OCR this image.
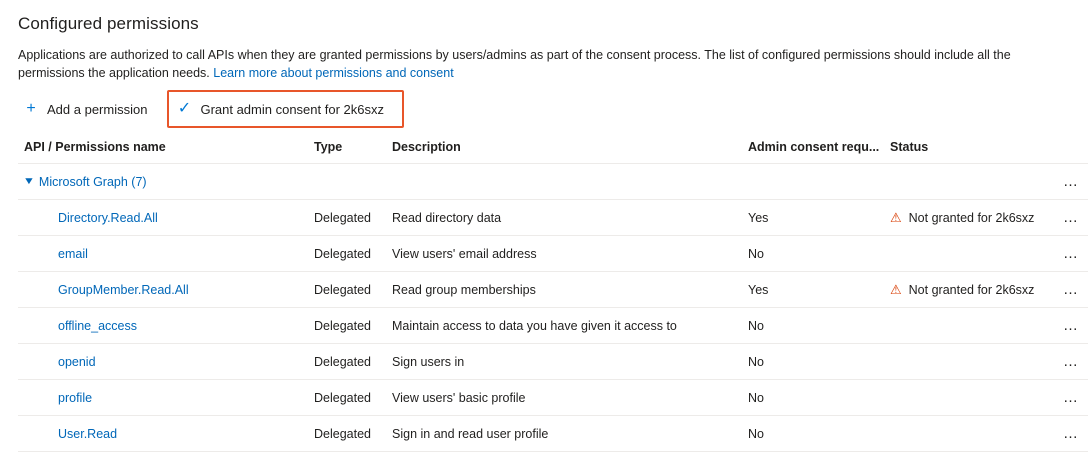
Configured permissions

Applications are authorized to call APIs when they are granted permissions by users/admins as part of the consent process. The list of configured permissions should include all the permissions the application needs. Learn more about permissions and consent

+ Add a permission ✓ Grant admin consent for 2k6sxz
API / Permissions name	Type	Description	Admin consent requ...	Status	

▼ Microsoft Graph (7)					…
Directory.Read.All	Delegated	Read directory data	Yes	⚠ Not granted for 2k6sxz	…
email	Delegated	View users' email address	No		…
GroupMember.Read.All	Delegated	Read group memberships	Yes	⚠ Not granted for 2k6sxz	…
offline_access	Delegated	Maintain access to data you have given it access to	No		…
openid	Delegated	Sign users in	No		…
profile	Delegated	View users' basic profile	No		…
User.Read	Delegated	Sign in and read user profile	No		…
